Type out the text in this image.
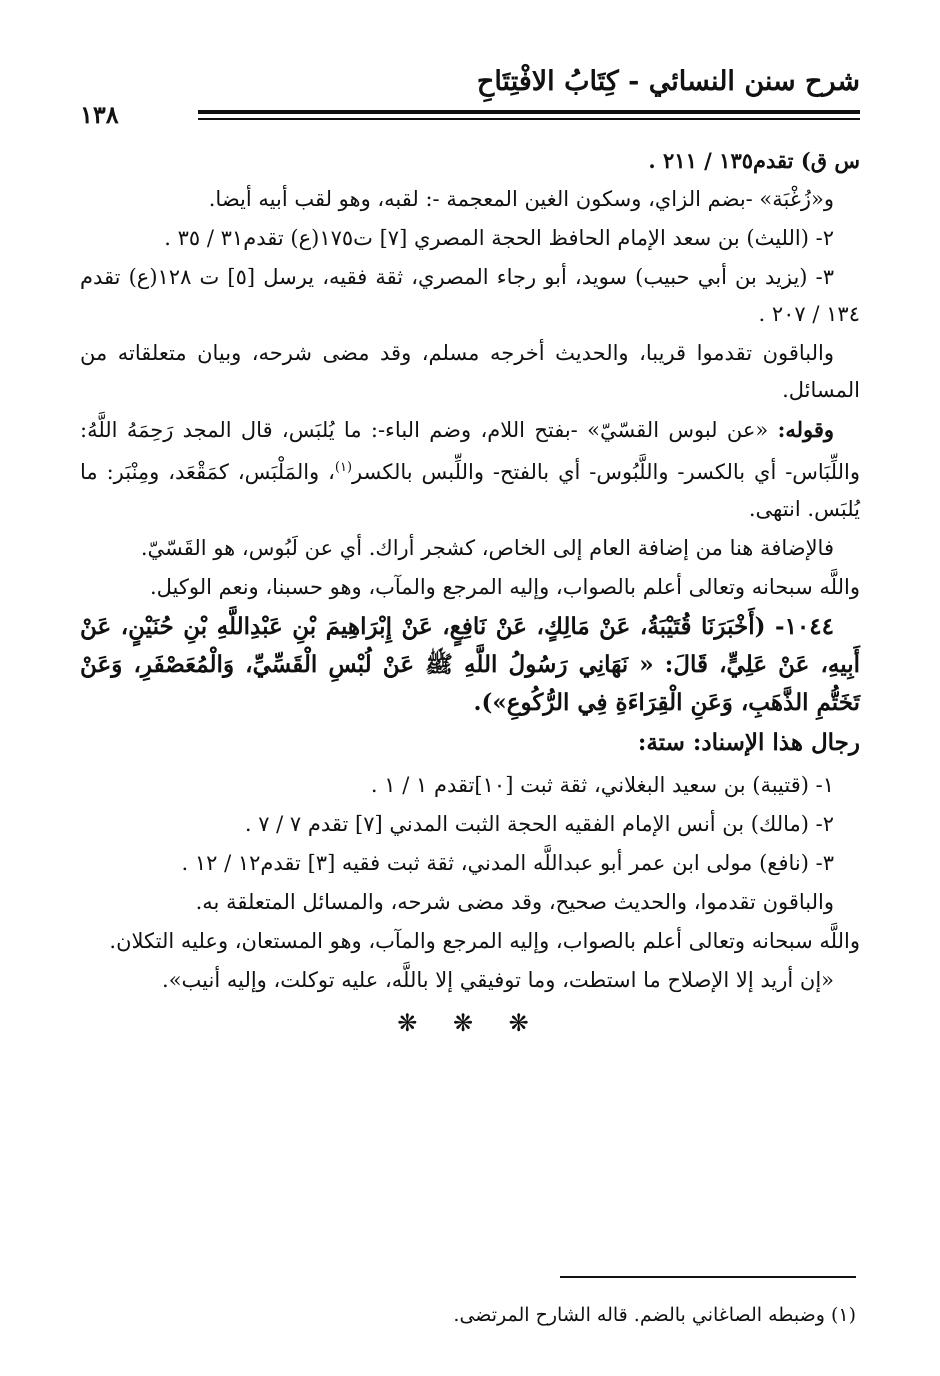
شرح سنن النسائي - كِتَابُ الافْتِتَاحِ
١٣٨

س ق) تقدم١٣٥ / ٢١١ .

و«زُغْبَة» -بضم الزاي، وسكون الغين المعجمة -: لقبه، وهو لقب أبيه أيضا.

٢- (الليث) بن سعد الإمام الحافظ الحجة المصري [٧] ت١٧٥(ع) تقدم٣١ / ٣٥ .

٣- (يزيد بن أبي حبيب) سويد، أبو رجاء المصري، ثقة فقيه، يرسل [٥] ت ١٢٨(ع) تقدم ١٣٤ / ٢٠٧ .

والباقون تقدموا قريبا، والحديث أخرجه مسلم، وقد مضى شرحه، وبيان متعلقاته من المسائل.

وقوله: «عن لبوس القسّيّ» -بفتح اللام، وضم الباء-: ما يُلبَس، قال المجد رَحِمَهُ اللَّهُ: واللِّبَاس- أي بالكسر- واللَّبُوس- أي بالفتح- واللِّبس بالكسر$^{(١)}$، والمَلْبَس، كمَقْعَد، ومِنْبَر: ما يُلبَس. انتهى.

فالإضافة هنا من إضافة العام إلى الخاص، كشجر أراك. أي عن لَبُوس، هو القَسّيّ.

واللَّه سبحانه وتعالى أعلم بالصواب، وإليه المرجع والمآب، وهو حسبنا، ونعم الوكيل.

١٠٤٤- (أَخْبَرَنَا قُتَيْبَةُ، عَنْ مَالِكٍ، عَنْ نَافِعٍ، عَنْ إِبْرَاهِيمَ بْنِ عَبْدِاللَّهِ بْنِ حُنَيْنٍ، عَنْ أَبِيهِ، عَنْ عَلِيٍّ، قَالَ: « نَهَانِي رَسُولُ اللَّهِ ﷺ عَنْ لُبْسِ الْقَسِّيِّ، وَالْمُعَصْفَرِ، وَعَنْ تَخَتُّمِ الذَّهَبِ، وَعَنِ الْقِرَاءَةِ فِي الرُّكُوعِ»).

رجال هذا الإسناد: ستة:

١- (قتيبة) بن سعيد البغلاني، ثقة ثبت [١٠]تقدم ١ / ١ .

٢- (مالك) بن أنس الإمام الفقيه الحجة الثبت المدني [٧] تقدم ٧ / ٧ .

٣- (نافع) مولى ابن عمر أبو عبداللَّه المدني، ثقة ثبت فقيه [٣] تقدم١٢ / ١٢ .

والباقون تقدموا، والحديث صحيح، وقد مضى شرحه، والمسائل المتعلقة به.

واللَّه سبحانه وتعالى أعلم بالصواب، وإليه المرجع والمآب، وهو المستعان، وعليه التكلان.

«إن أريد إلا الإصلاح ما استطت، وما توفيقي إلا باللَّه، عليه توكلت، وإليه أنيب».

❋ ❋ ❋
(١) وضبطه الصاغاني بالضم. قاله الشارح المرتضى.
